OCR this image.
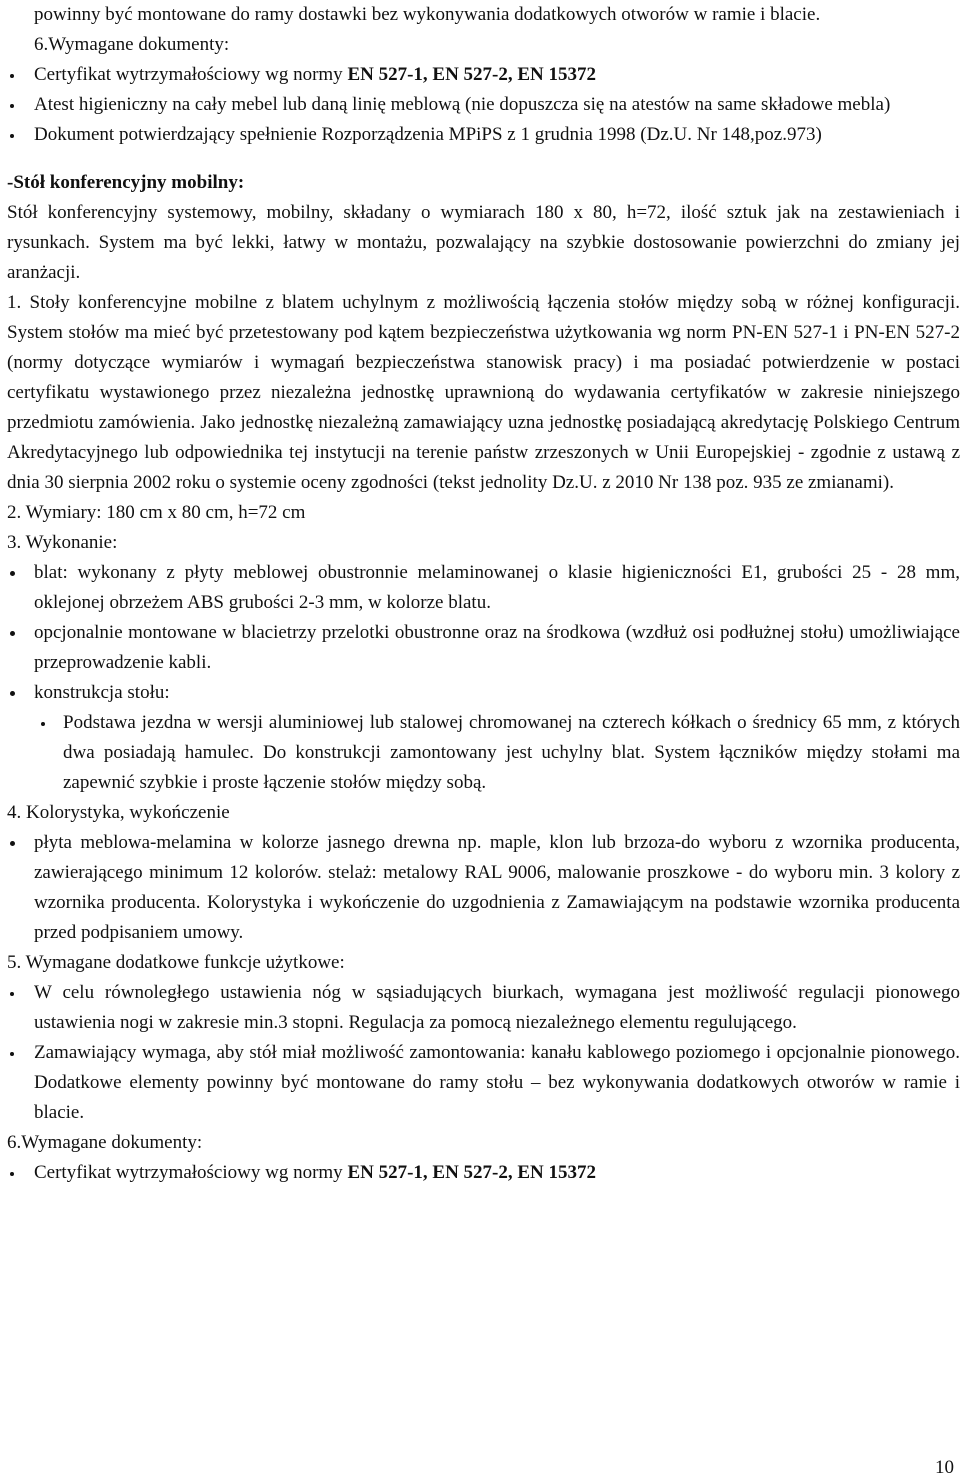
powinny być montowane do ramy dostawki bez wykonywania dodatkowych otworów w ramie i blacie.

6.Wymagane dokumenty:

Certyfikat wytrzymałościowy wg normy EN 527-1, EN 527-2, EN 15372
Atest higieniczny na cały mebel lub daną linię meblową (nie dopuszcza się na atestów na same składowe mebla)
Dokument potwierdzający spełnienie Rozporządzenia MPiPS z 1 grudnia 1998 (Dz.U. Nr 148,poz.973)

-Stół konferencyjny mobilny:

Stół konferencyjny systemowy, mobilny, składany o wymiarach 180 x 80, h=72, ilość sztuk jak na zestawieniach i rysunkach. System ma być lekki, łatwy w montażu, pozwalający na szybkie dostosowanie powierzchni do zmiany jej aranżacji.

1. Stoły konferencyjne mobilne z blatem uchylnym z możliwością łączenia stołów między sobą w różnej konfiguracji. System stołów ma mieć być przetestowany pod kątem bezpieczeństwa użytkowania wg norm PN-EN 527-1 i PN-EN 527-2 (normy dotyczące wymiarów i wymagań bezpieczeństwa stanowisk pracy) i ma posiadać potwierdzenie w postaci certyfikatu wystawionego przez niezależna jednostkę uprawnioną do wydawania certyfikatów w zakresie niniejszego przedmiotu zamówienia. Jako jednostkę niezależną zamawiający uzna jednostkę posiadającą akredytację Polskiego Centrum Akredytacyjnego lub odpowiednika tej instytucji na terenie państw zrzeszonych w Unii Europejskiej - zgodnie z ustawą z dnia 30 sierpnia 2002 roku o systemie oceny zgodności (tekst jednolity Dz.U. z 2010 Nr 138 poz. 935 ze zmianami).

2. Wymiary: 180 cm x 80 cm, h=72 cm

3. Wykonanie:

blat: wykonany z płyty meblowej obustronnie melaminowanej o klasie higieniczności E1, grubości 25 - 28 mm, oklejonej obrzeżem ABS grubości 2-3 mm, w kolorze blatu.
opcjonalnie montowane w blacietrzy przelotki obustronne oraz na środkowa (wzdłuż osi podłużnej stołu) umożliwiające przeprowadzenie kabli.
konstrukcja stołu:
Podstawa jezdna w wersji aluminiowej lub stalowej chromowanej na czterech kółkach o średnicy 65 mm, z których dwa posiadają hamulec. Do konstrukcji zamontowany jest uchylny blat. System łączników między stołami ma zapewnić szybkie i proste łączenie stołów między sobą.

4. Kolorystyka, wykończenie

płyta meblowa-melamina w kolorze jasnego drewna np. maple, klon lub brzoza-do wyboru z wzornika producenta, zawierającego minimum 12 kolorów. stelaż: metalowy RAL 9006, malowanie proszkowe - do wyboru min. 3 kolory z wzornika producenta. Kolorystyka i wykończenie do uzgodnienia z Zamawiającym na podstawie wzornika producenta przed podpisaniem umowy.

5. Wymagane dodatkowe funkcje użytkowe:

W celu równoległego ustawienia nóg w sąsiadujących biurkach, wymagana jest możliwość regulacji pionowego ustawienia nogi w zakresie min.3 stopni. Regulacja za pomocą niezależnego elementu regulującego.
Zamawiający wymaga, aby stół miał możliwość zamontowania: kanału kablowego poziomego i opcjonalnie pionowego. Dodatkowe elementy powinny być montowane do ramy stołu – bez wykonywania dodatkowych otworów w ramie i blacie.

6.Wymagane dokumenty:

Certyfikat wytrzymałościowy wg normy EN 527-1, EN 527-2, EN 15372
10
